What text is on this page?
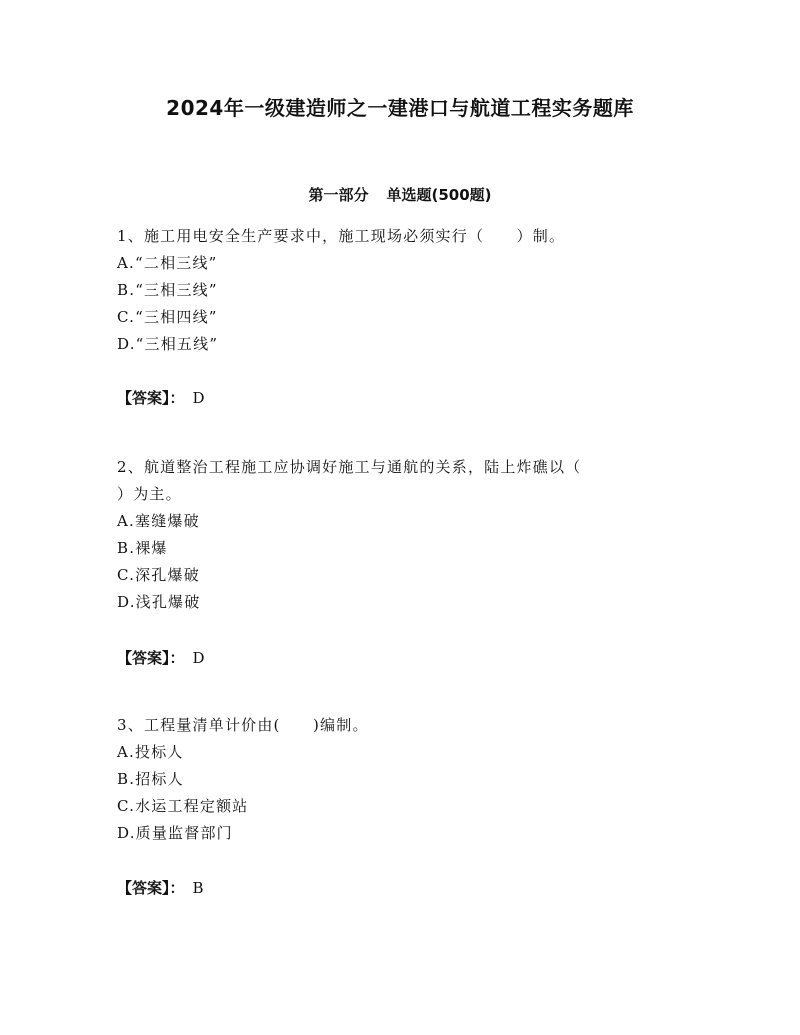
2024年一级建造师之一建港口与航道工程实务题库
第一部分 单选题(500题)
1、施工用电安全生产要求中，施工现场必须实行（　　）制。
A.“二相三线”
B.“三相三线”
C.“三相四线”
D.“三相五线”
【答案】： D
2、航道整治工程施工应协调好施工与通航的关系，陆上炸礁以（
）为主。
A.塞缝爆破
B.裸爆
C.深孔爆破
D.浅孔爆破
【答案】： D
3、工程量清单计价由(　　)编制。
A.投标人
B.招标人
C.水运工程定额站
D.质量监督部门
【答案】： B
